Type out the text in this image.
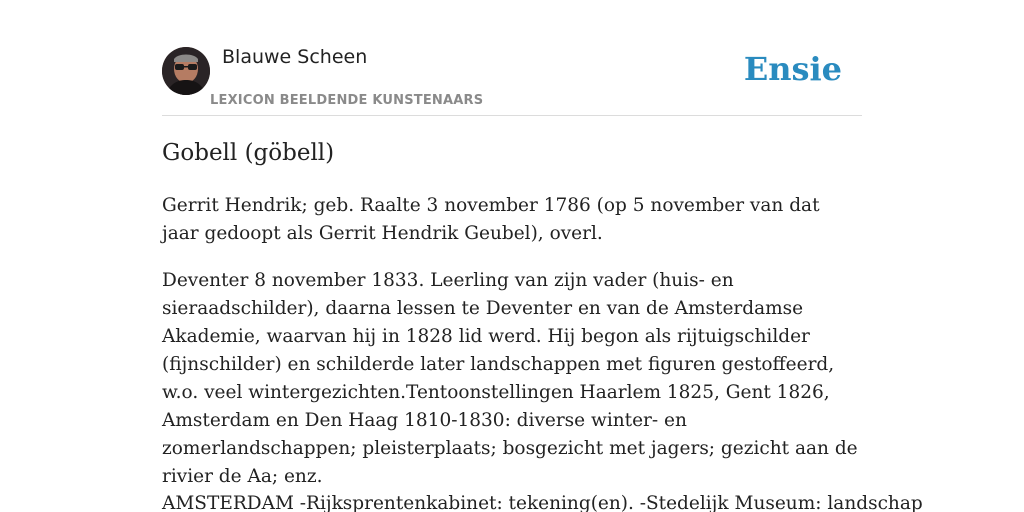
Blauwe Scheen
LEXICON BEELDENDE KUNSTENAARS
Ensie
Gobell (göbell)

Gerrit Hendrik; geb. Raalte 3 november 1786 (op 5 november van dat jaar gedoopt als Gerrit Hendrik Geubel), overl.

Deventer 8 november 1833. Leerling van zijn vader (huis- en sieraadschilder), daarna lessen te Deventer en van de Amsterdamse Akademie, waarvan hij in 1828 lid werd. Hij begon als rijtuigschilder (fijnschilder) en schilderde later landschappen met figuren gestoffeerd, w.o. veel wintergezichten.Tentoonstellingen Haarlem 1825, Gent 1826, Amsterdam en Den Haag 1810-1830: diverse winter- en zomerlandschappen; pleisterplaats; bosgezicht met jagers; gezicht aan de rivier de Aa; enz.

AMSTERDAM -Rijksprentenkabinet: tekening(en). -Stedelijk Museum: landschap
